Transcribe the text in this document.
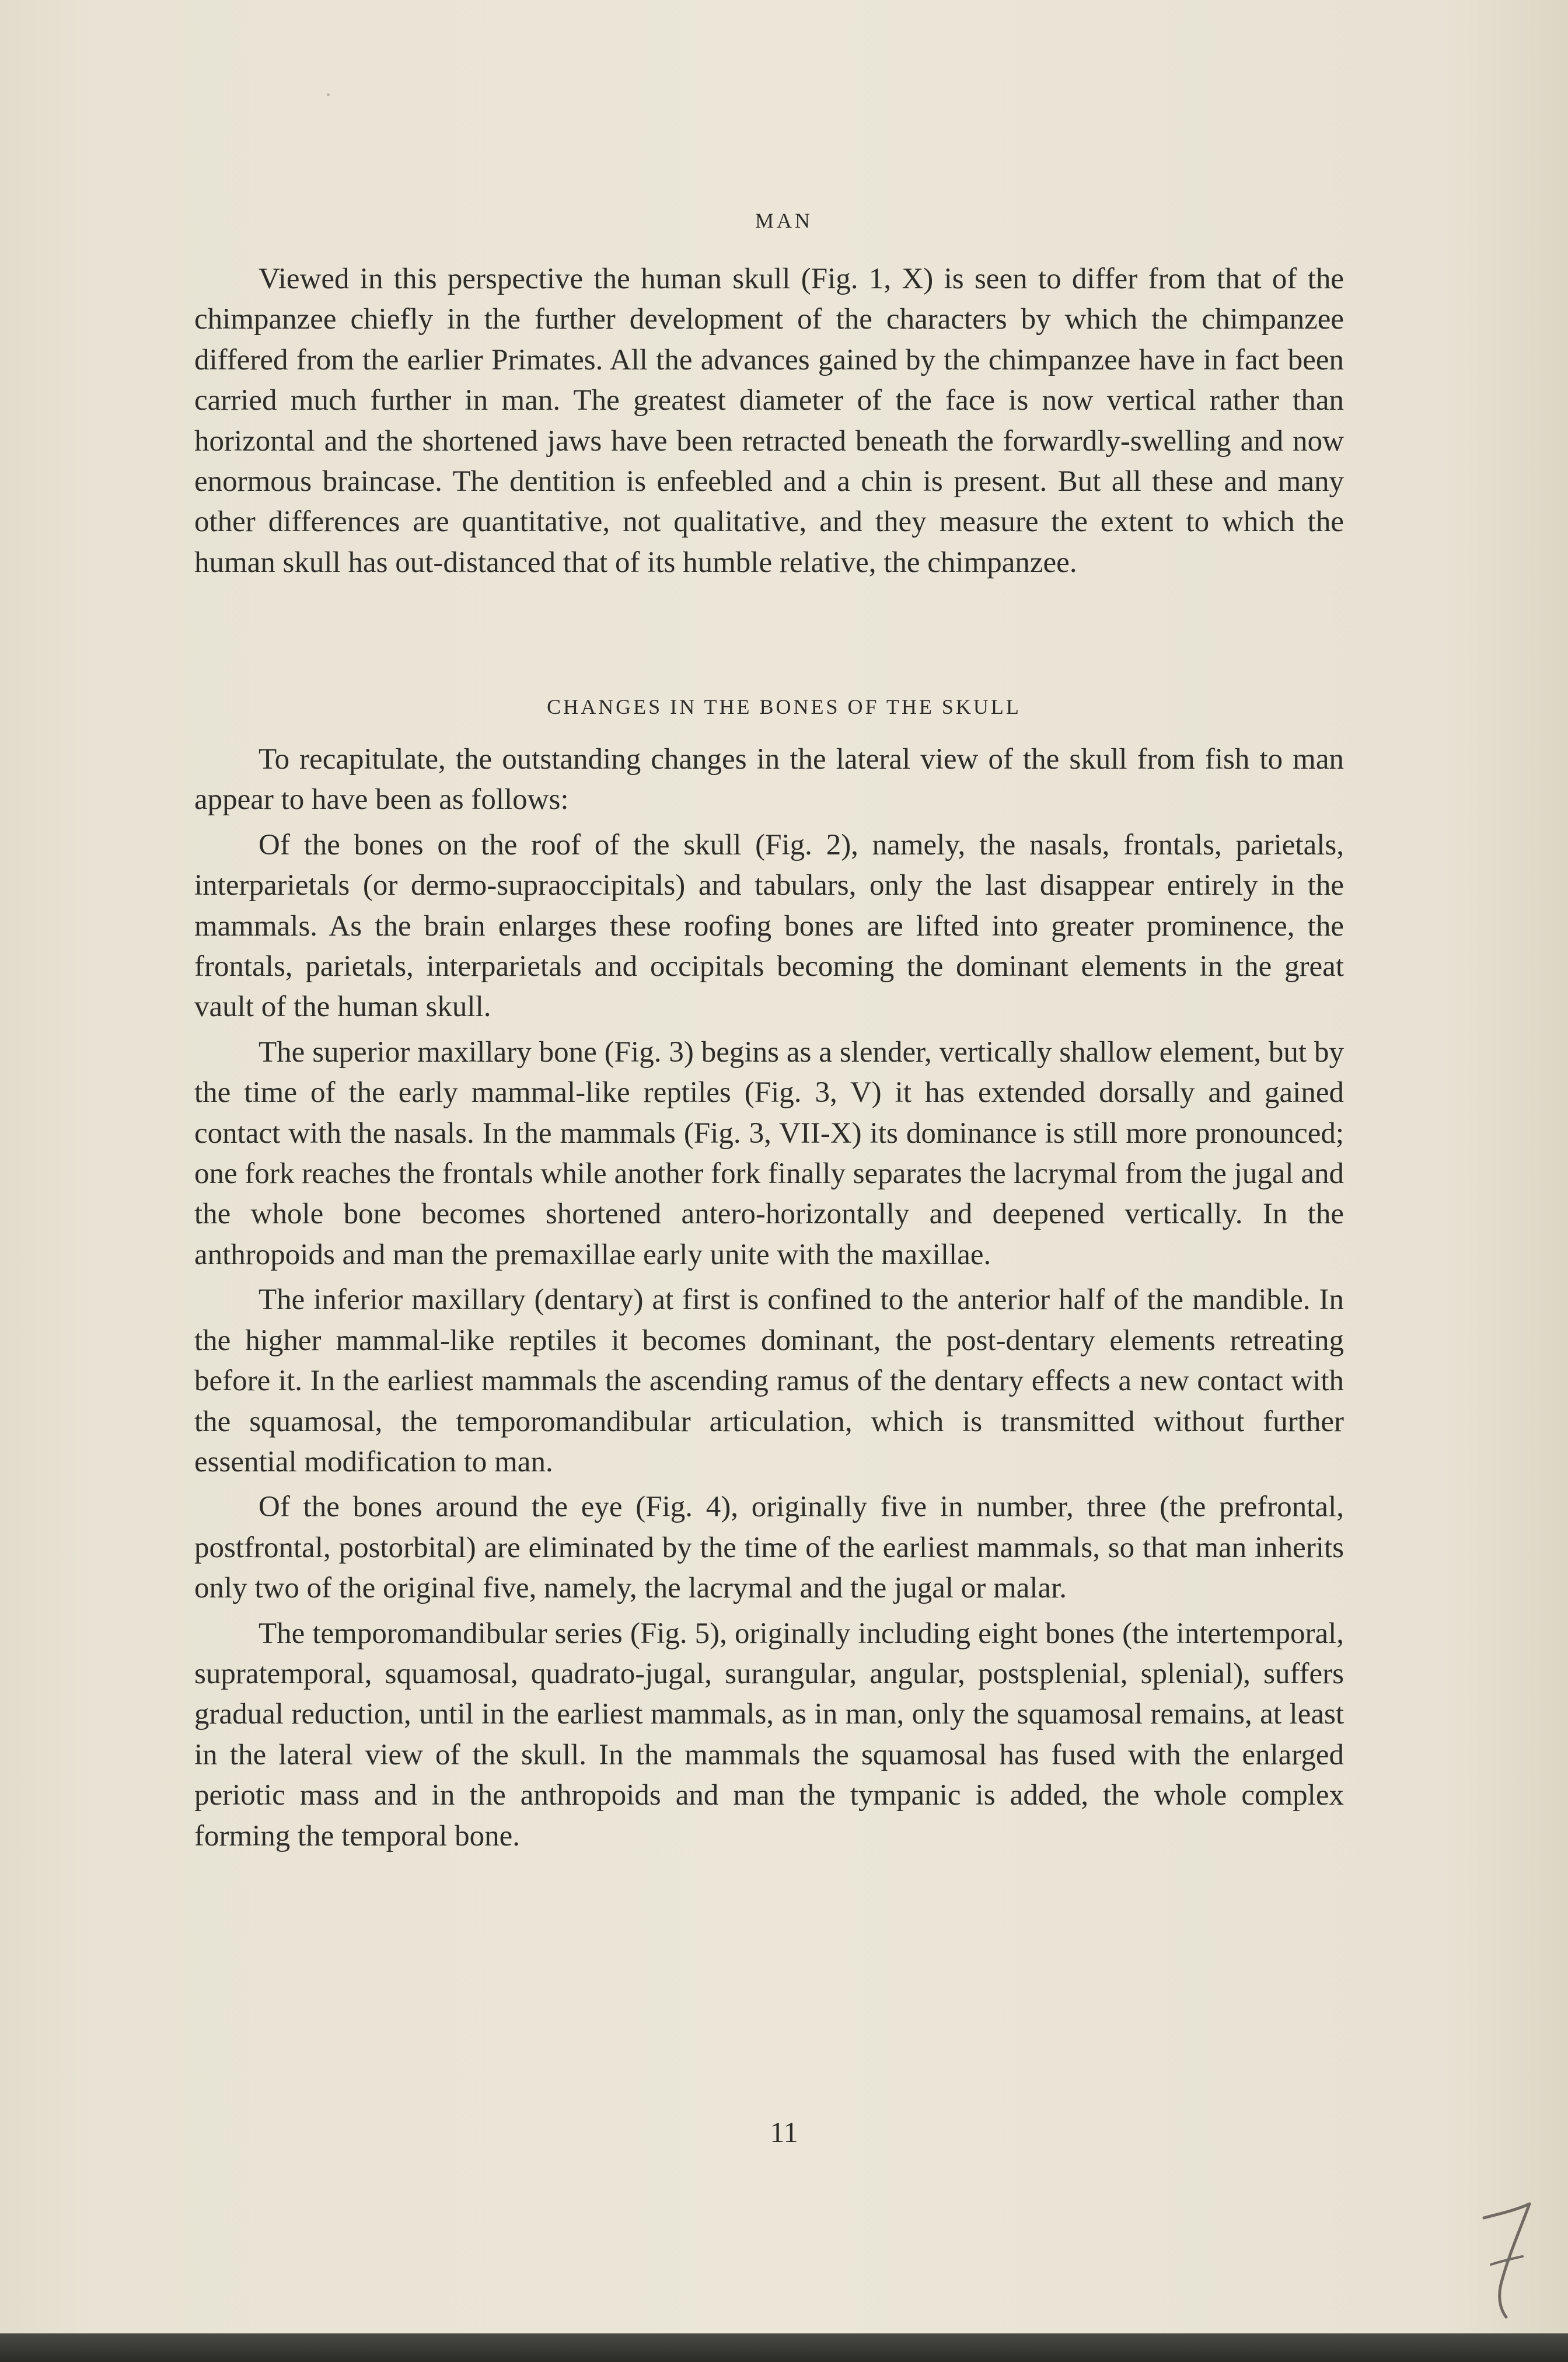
MAN

Viewed in this perspective the human skull (Fig. 1, X) is seen to differ from that of the chimpanzee chiefly in the further development of the characters by which the chimpanzee differed from the earlier Primates. All the advances gained by the chimpanzee have in fact been carried much further in man. The greatest diameter of the face is now vertical rather than horizontal and the shortened jaws have been retracted beneath the forwardly-swelling and now enormous braincase. The dentition is enfeebled and a chin is present. But all these and many other differences are quantitative, not qualitative, and they measure the extent to which the human skull has out-distanced that of its humble relative, the chimpanzee.

CHANGES IN THE BONES OF THE SKULL

To recapitulate, the outstanding changes in the lateral view of the skull from fish to man appear to have been as follows:

Of the bones on the roof of the skull (Fig. 2), namely, the nasals, frontals, parietals, interparietals (or dermo-supraoccipitals) and tabulars, only the last disappear entirely in the mammals. As the brain enlarges these roofing bones are lifted into greater prominence, the frontals, parietals, interparietals and occipitals becoming the dominant elements in the great vault of the human skull.

The superior maxillary bone (Fig. 3) begins as a slender, vertically shallow element, but by the time of the early mammal-like reptiles (Fig. 3, V) it has extended dorsally and gained contact with the nasals. In the mammals (Fig. 3, VII-X) its dominance is still more pronounced; one fork reaches the frontals while another fork finally separates the lacrymal from the jugal and the whole bone becomes shortened antero-horizontally and deepened vertically. In the anthropoids and man the premaxillae early unite with the maxillae.

The inferior maxillary (dentary) at first is confined to the anterior half of the mandible. In the higher mammal-like reptiles it becomes dominant, the post-dentary elements retreating before it. In the earliest mammals the ascending ramus of the dentary effects a new contact with the squamosal, the temporomandibular articulation, which is transmitted without further essential modification to man.

Of the bones around the eye (Fig. 4), originally five in number, three (the prefrontal, postfrontal, postorbital) are eliminated by the time of the earliest mammals, so that man inherits only two of the original five, namely, the lacrymal and the jugal or malar.

The temporomandibular series (Fig. 5), originally including eight bones (the intertemporal, supratemporal, squamosal, quadrato-jugal, surangular, angular, postsplenial, splenial), suffers gradual reduction, until in the earliest mammals, as in man, only the squamosal remains, at least in the lateral view of the skull. In the mammals the squamosal has fused with the enlarged periotic mass and in the anthropoids and man the tympanic is added, the whole complex forming the temporal bone.

11
